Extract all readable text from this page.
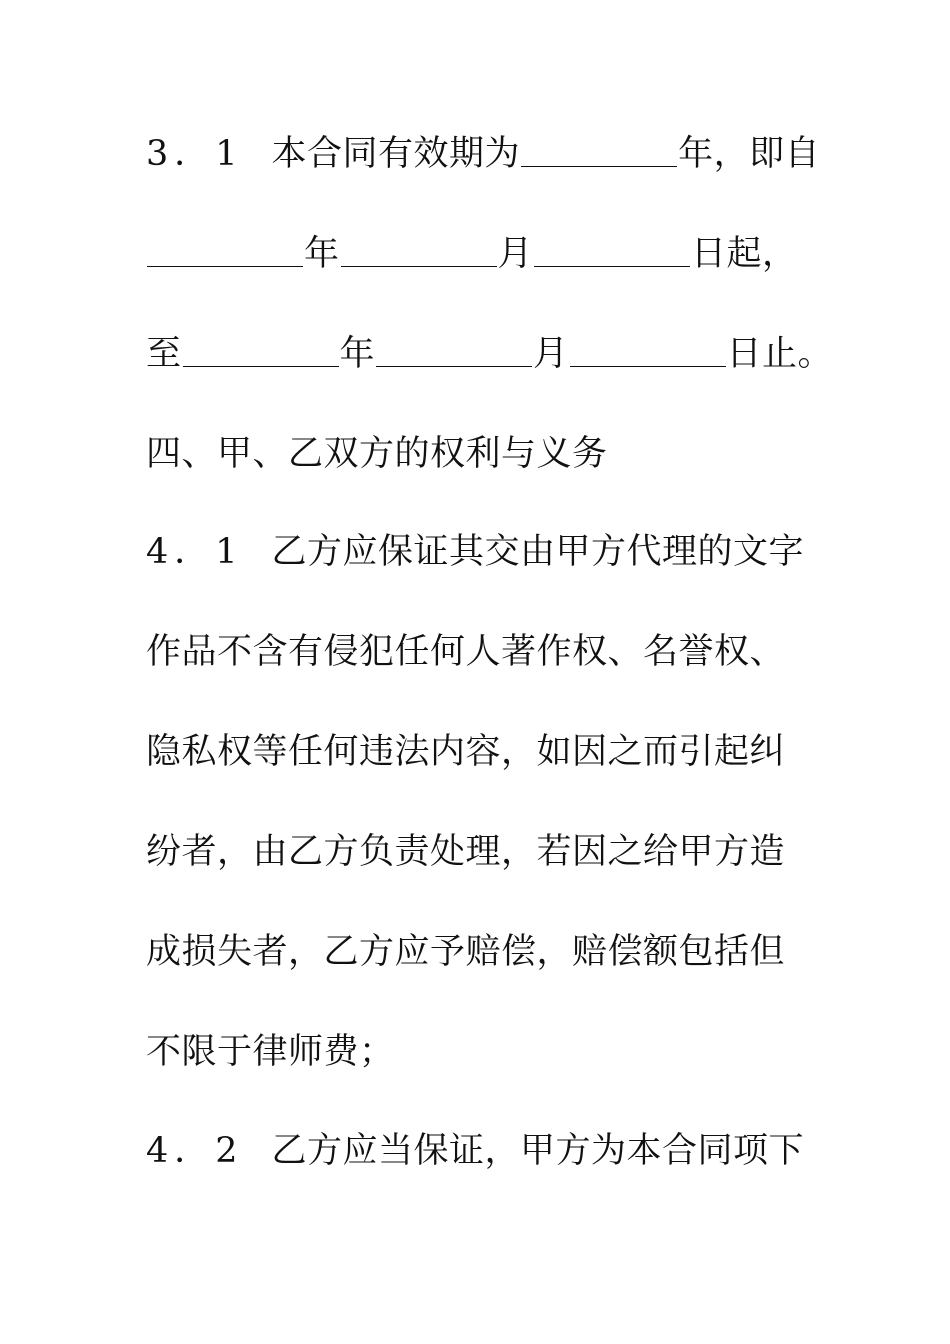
3．1 本合同有效期为	年，即自
年	月	日起，
至	年	月	日止。
四、甲、乙双方的权利与义务
4．1 乙方应保证其交由甲方代理的文字
作品不含有侵犯任何人著作权、名誉权、
隐私权等任何违法内容，如因之而引起纠
纷者，由乙方负责处理，若因之给甲方造
成损失者，乙方应予赔偿，赔偿额包括但
不限于律师费；
4．2 乙方应当保证，甲方为本合同项下
